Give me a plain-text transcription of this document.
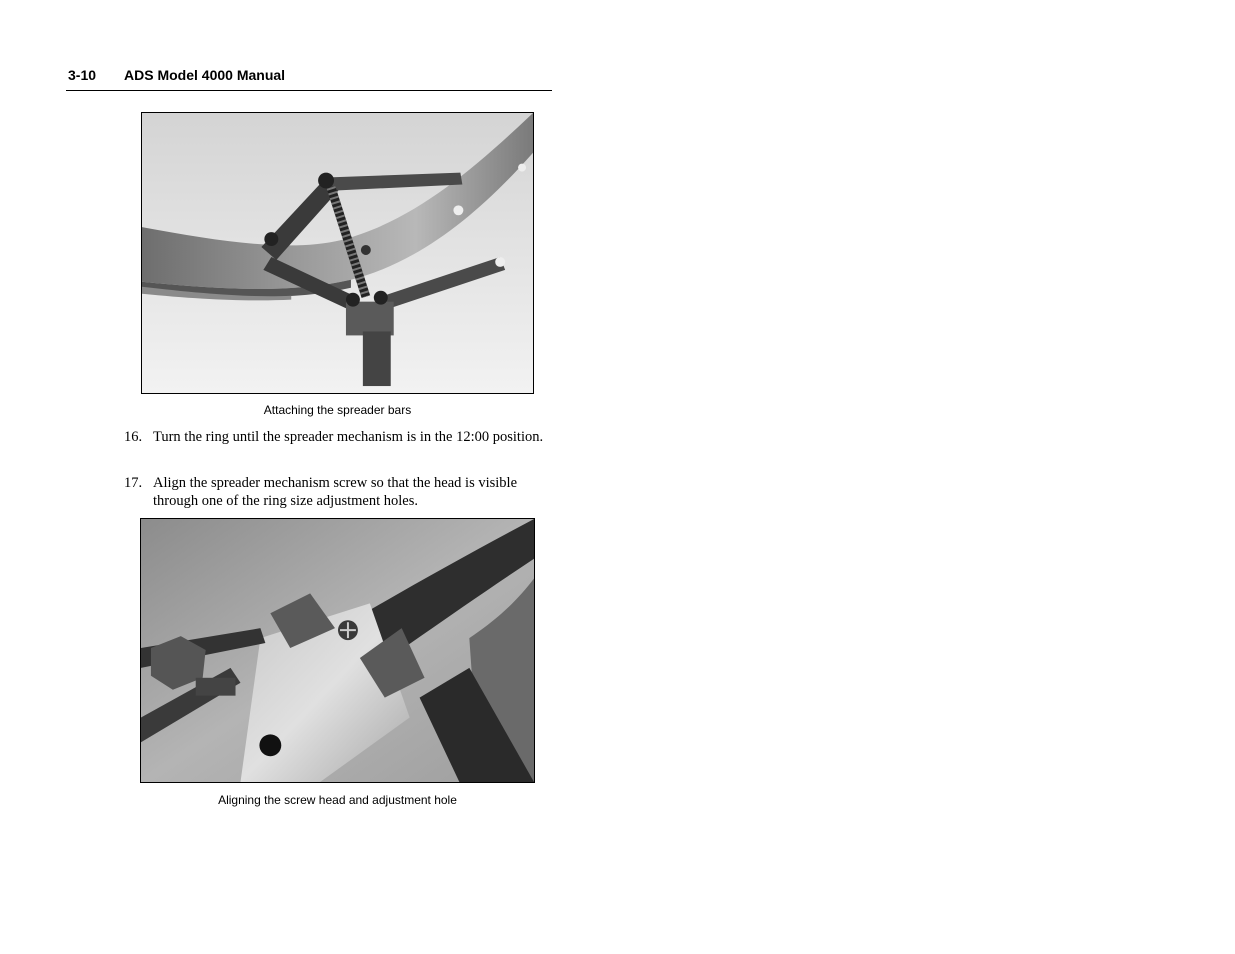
3-10 ADS Model 4000 Manual
Attaching the spreader bars
16. Turn the ring until the spreader mechanism is in the 12:00 position.
17. Align the spreader mechanism screw so that the head is visible through one of the ring size adjustment holes.
Aligning the screw head and adjustment hole
